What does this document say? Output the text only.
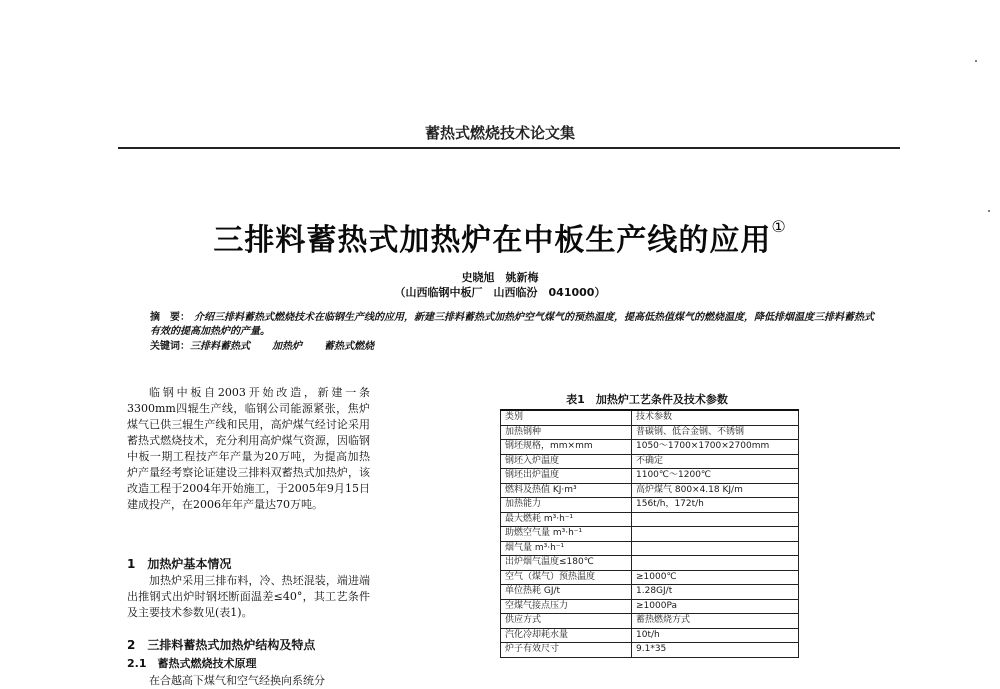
蓄热式燃烧技术论文集
三排料蓄热式加热炉在中板生产线的应用①
史晓旭　姚新梅
（山西临钢中板厂　山西临汾　041000）
摘　要： 介绍三排料蓄热式燃烧技术在临钢生产线的应用，新建三排料蓄热式加热炉空气煤气的预热温度，提高低热值煤气的燃烧温度，降低排烟温度三排料蓄热式有效的提高加热炉的产量。
关键词：三排料蓄热式 加热炉 蓄热式燃烧
临钢中板自2003开始改造，新建一条3300mm四辊生产线，临钢公司能源紧张，焦炉煤气已供三辊生产线和民用，高炉煤气经讨论采用蓄热式燃烧技术，充分利用高炉煤气资源，因临钢中板一期工程技产年产量为20万吨，为提高加热炉产量经考察论证建设三排料双蓄热式加热炉，该改造工程于2004年开始施工，于2005年9月15日建成投产，在2006年年产量达70万吨。
1　加热炉基本情况
加热炉采用三排布料，冷、热坯混装，端进端出推钢式出炉时钢坯断面温差≤40°，其工艺条件及主要技术参数见(表1)。
2　三排料蓄热式加热炉结构及特点
2.1　蓄热式燃烧技术原理
在合越高下煤气和空气经换向系统分
表1　加热炉工艺条件及技术参数
类别	技术参数
加热钢种	普碳钢、低合金钢、不锈钢
钢坯规格，mm×mm	1050～1700×1700×2700mm
钢坯入炉温度	不确定
钢坯出炉温度	1100℃～1200℃
燃料及热值 KJ·m³	高炉煤气 800×4.18 KJ/m
加热能力	156t/h，172t/h
最大燃耗 m³·h⁻¹	
助燃空气量 m³·h⁻¹	
烟气量 m³·h⁻¹	
出炉烟气温度≤180℃	
空气（煤气）预热温度	≥1000℃
单位热耗 GJ/t	1.28GJ/t
空煤气接点压力	≥1000Pa
供应方式	蓄热燃烧方式
汽化冷却耗水量	10t/h
炉子有效尺寸	9.1*35
